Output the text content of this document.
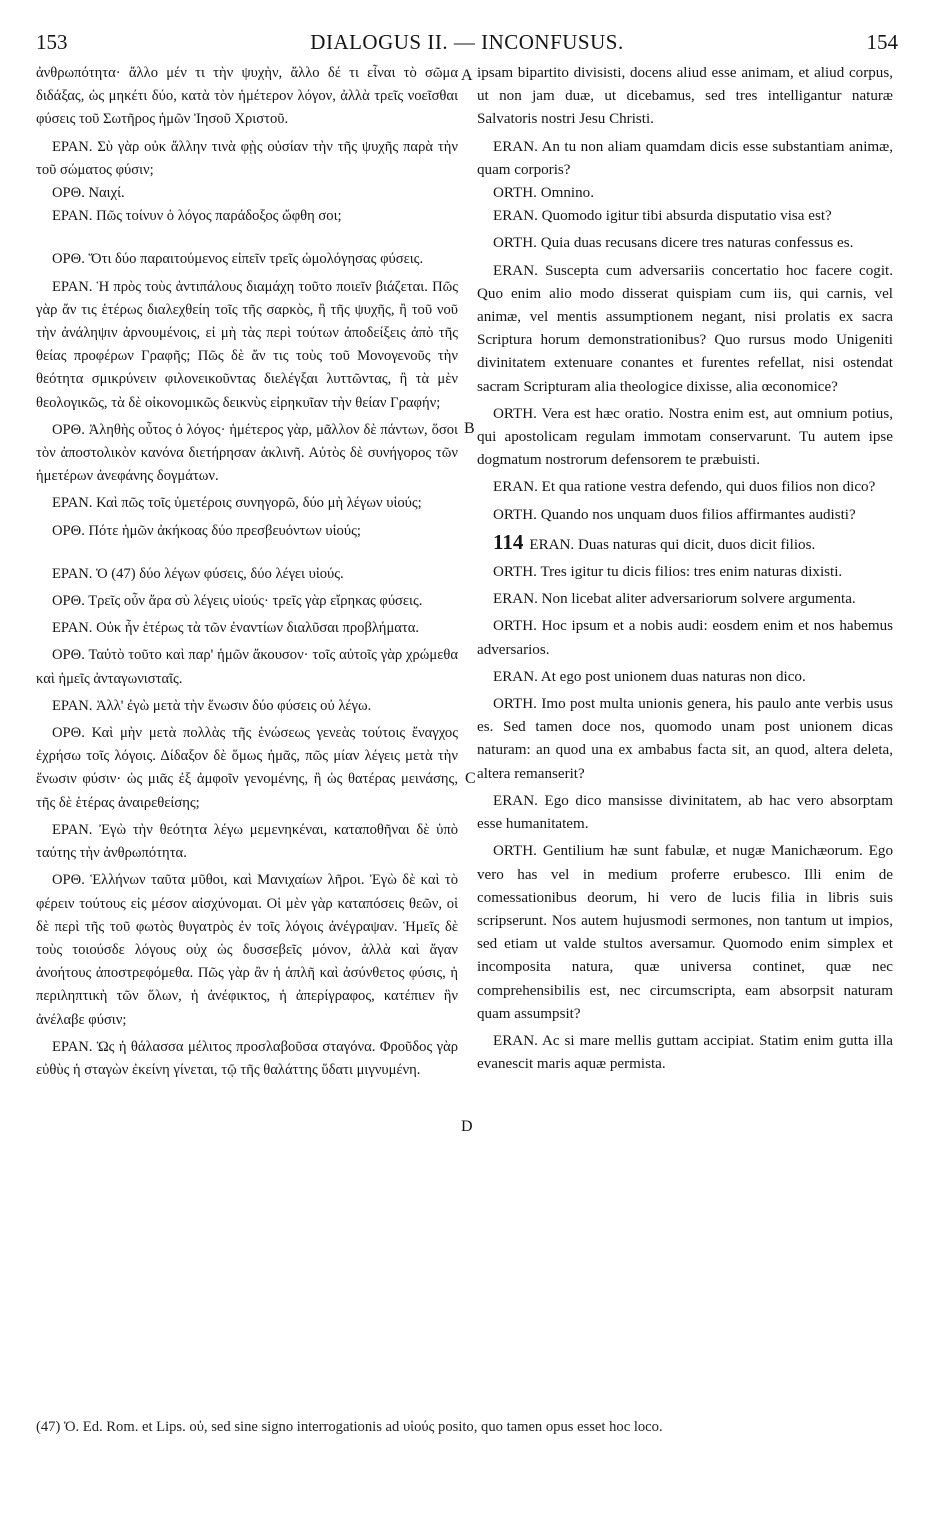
153	DIALOGUS II. — INCONFUSUS.	154
A
B
C
D

ἀνθρωπότητα· ἄλλο μέν τι τὴν ψυχὴν, ἄλλο δέ τι εἶναι τὸ σῶμα διδάξας, ὡς μηκέτι δύο, κατὰ τὸν ἡμέτερον λόγον, ἀλλὰ τρεῖς νοεῖσθαι φύσεις τοῦ Σωτῆρος ἡμῶν Ἰησοῦ Χριστοῦ.

ΕΡΑΝ. Σὺ γὰρ οὐκ ἄλλην τινὰ φῂς οὐσίαν τὴν τῆς ψυχῆς παρὰ τὴν τοῦ σώματος φύσιν;

ΟΡΘ. Ναιχί.

ΕΡΑΝ. Πῶς τοίνυν ὁ λόγος παράδοξος ὤφθη σοι;

ΟΡΘ. Ὅτι δύο παραιτούμενος εἰπεῖν τρεῖς ὡμολόγησας φύσεις.

ΕΡΑΝ. Ἡ πρὸς τοὺς ἀντιπάλους διαμάχη τοῦτο ποιεῖν βιάζεται. Πῶς γὰρ ἄν τις ἑτέρως διαλεχθείη τοῖς τῆς σαρκὸς, ἢ τῆς ψυχῆς, ἢ τοῦ νοῦ τὴν ἀνάληψιν ἀρνουμένοις, εἰ μὴ τὰς περὶ τούτων ἀποδείξεις ἀπὸ τῆς θείας προφέρων Γραφῆς; Πῶς δὲ ἄν τις τοὺς τοῦ Μονογενοῦς τὴν θεότητα σμικρύνειν φιλονεικοῦντας διελέγξαι λυττῶντας, ἢ τὰ μὲν θεολογικῶς, τὰ δὲ οἰκονομικῶς δεικνὺς εἰρηκυῖαν τὴν θείαν Γραφήν;

ΟΡΘ. Ἀληθὴς οὗτος ὁ λόγος· ἡμέτερος γὰρ, μᾶλλον δὲ πάντων, ὅσοι τὸν ἀποστολικὸν κανόνα διετήρησαν ἀκλινῆ. Αὐτὸς δὲ συνήγορος τῶν ἡμετέρων ἀνεφάνης δογμάτων.

ΕΡΑΝ. Καὶ πῶς τοῖς ὑμετέροις συνηγορῶ, δύο μὴ λέγων υἱούς;

ΟΡΘ. Πότε ἡμῶν ἀκήκοας δύο πρεσβευόντων υἱούς;

ΕΡΑΝ. Ὁ (47) δύο λέγων φύσεις, δύο λέγει υἱούς.

ΟΡΘ. Τρεῖς οὖν ἄρα σὺ λέγεις υἱούς· τρεῖς γὰρ εἴρηκας φύσεις.

ΕΡΑΝ. Οὐκ ἦν ἑτέρως τὰ τῶν ἐναντίων διαλῦσαι προβλήματα.

ΟΡΘ. Ταὐτὸ τοῦτο καὶ παρ' ἡμῶν ἄκουσον· τοῖς αὐτοῖς γὰρ χρώμεθα καὶ ἡμεῖς ἀνταγωνισταῖς.

ΕΡΑΝ. Ἀλλ' ἐγὼ μετὰ τὴν ἕνωσιν δύο φύσεις οὐ λέγω.

ΟΡΘ. Καὶ μὴν μετὰ πολλὰς τῆς ἑνώσεως γενεὰς τούτοις ἔναγχος ἐχρήσω τοῖς λόγοις. Δίδαξον δὲ ὅμως ἡμᾶς, πῶς μίαν λέγεις μετὰ τὴν ἕνωσιν φύσιν· ὡς μιᾶς ἐξ ἀμφοῖν γενομένης, ἢ ὡς θατέρας μεινάσης, τῆς δὲ ἑτέρας ἀναιρεθείσης;

ΕΡΑΝ. Ἐγὼ τὴν θεότητα λέγω μεμενηκέναι, καταποθῆναι δὲ ὑπὸ ταύτης τὴν ἀνθρωπότητα.

ΟΡΘ. Ἑλλήνων ταῦτα μῦθοι, καὶ Μανιχαίων λῆροι. Ἐγὼ δὲ καὶ τὸ φέρειν τούτους εἰς μέσον αἰσχύνομαι. Οἱ μὲν γὰρ καταπόσεις θεῶν, οἱ δὲ περὶ τῆς τοῦ φωτὸς θυγατρὸς ἐν τοῖς λόγοις ἀνέγραψαν. Ἡμεῖς δὲ τοὺς τοιούσδε λόγους οὐχ ὡς δυσσεβεῖς μόνον, ἀλλὰ καὶ ἄγαν ἀνοήτους ἀποστρεφόμεθα. Πῶς γὰρ ἂν ἡ ἁπλῆ καὶ ἀσύνθετος φύσις, ἡ περιληπτικὴ τῶν ὅλων, ἡ ἀνέφικτος, ἡ ἀπερίγραφος, κατέπιεν ἣν ἀνέλαβε φύσιν;

ΕΡΑΝ. Ὡς ἡ θάλασσα μέλιτος προσλαβοῦσα σταγόνα. Φροῦδος γὰρ εὐθὺς ἡ σταγὼν ἐκείνη γίνεται, τῷ τῆς θαλάττης ὕδατι μιγνυμένη.

ipsam bipartito divisisti, docens aliud esse animam, et aliud corpus, ut non jam duæ, ut dicebamus, sed tres intelligantur naturæ Salvatoris nostri Jesu Christi.

ERAN. An tu non aliam quamdam dicis esse substantiam animæ, quam corporis?

ORTH. Omnino.

ERAN. Quomodo igitur tibi absurda disputatio visa est?

ORTH. Quia duas recusans dicere tres naturas confessus es.

ERAN. Suscepta cum adversariis concertatio hoc facere cogit. Quo enim alio modo disserat quispiam cum iis, qui carnis, vel animæ, vel mentis assumptionem negant, nisi prolatis ex sacra Scriptura horum demonstrationibus? Quo rursus modo Unigeniti divinitatem extenuare conantes et furentes refellat, nisi ostendat sacram Scripturam alia theologice dixisse, alia œconomice?

ORTH. Vera est hæc oratio. Nostra enim est, aut omnium potius, qui apostolicam regulam immotam conservarunt. Tu autem ipse dogmatum nostrorum defensorem te præbuisti.

ERAN. Et qua ratione vestra defendo, qui duos filios non dico?

ORTH. Quando nos unquam duos filios affirmantes audisti?

114 ERAN. Duas naturas qui dicit, duos dicit filios.

ORTH. Tres igitur tu dicis filios: tres enim naturas dixisti.

ERAN. Non licebat aliter adversariorum solvere argumenta.

ORTH. Hoc ipsum et a nobis audi: eosdem enim et nos habemus adversarios.

ERAN. At ego post unionem duas naturas non dico.

ORTH. Imo post multa unionis genera, his paulo ante verbis usus es. Sed tamen doce nos, quomodo unam post unionem dicas naturam: an quod una ex ambabus facta sit, an quod, altera deleta, altera remanserit?

ERAN. Ego dico mansisse divinitatem, ab hac vero absorptam esse humanitatem.

ORTH. Gentilium hæ sunt fabulæ, et nugæ Manichæorum. Ego vero has vel in medium proferre erubesco. Illi enim de comessationibus deorum, hi vero de lucis filia in libris suis scripserunt. Nos autem hujusmodi sermones, non tantum ut impios, sed etiam ut valde stultos aversamur. Quomodo enim simplex et incomposita natura, quæ universa continet, quæ nec comprehensibilis est, nec circumscripta, eam absorpsit naturam quam assumpsit?

ERAN. Ac si mare mellis guttam accipiat. Statim enim gutta illa evanescit maris aquæ permista.

(47) Ὁ. Ed. Rom. et Lips. οὐ, sed sine signo interrogationis ad υἱούς posito, quo tamen opus esset hoc loco.
